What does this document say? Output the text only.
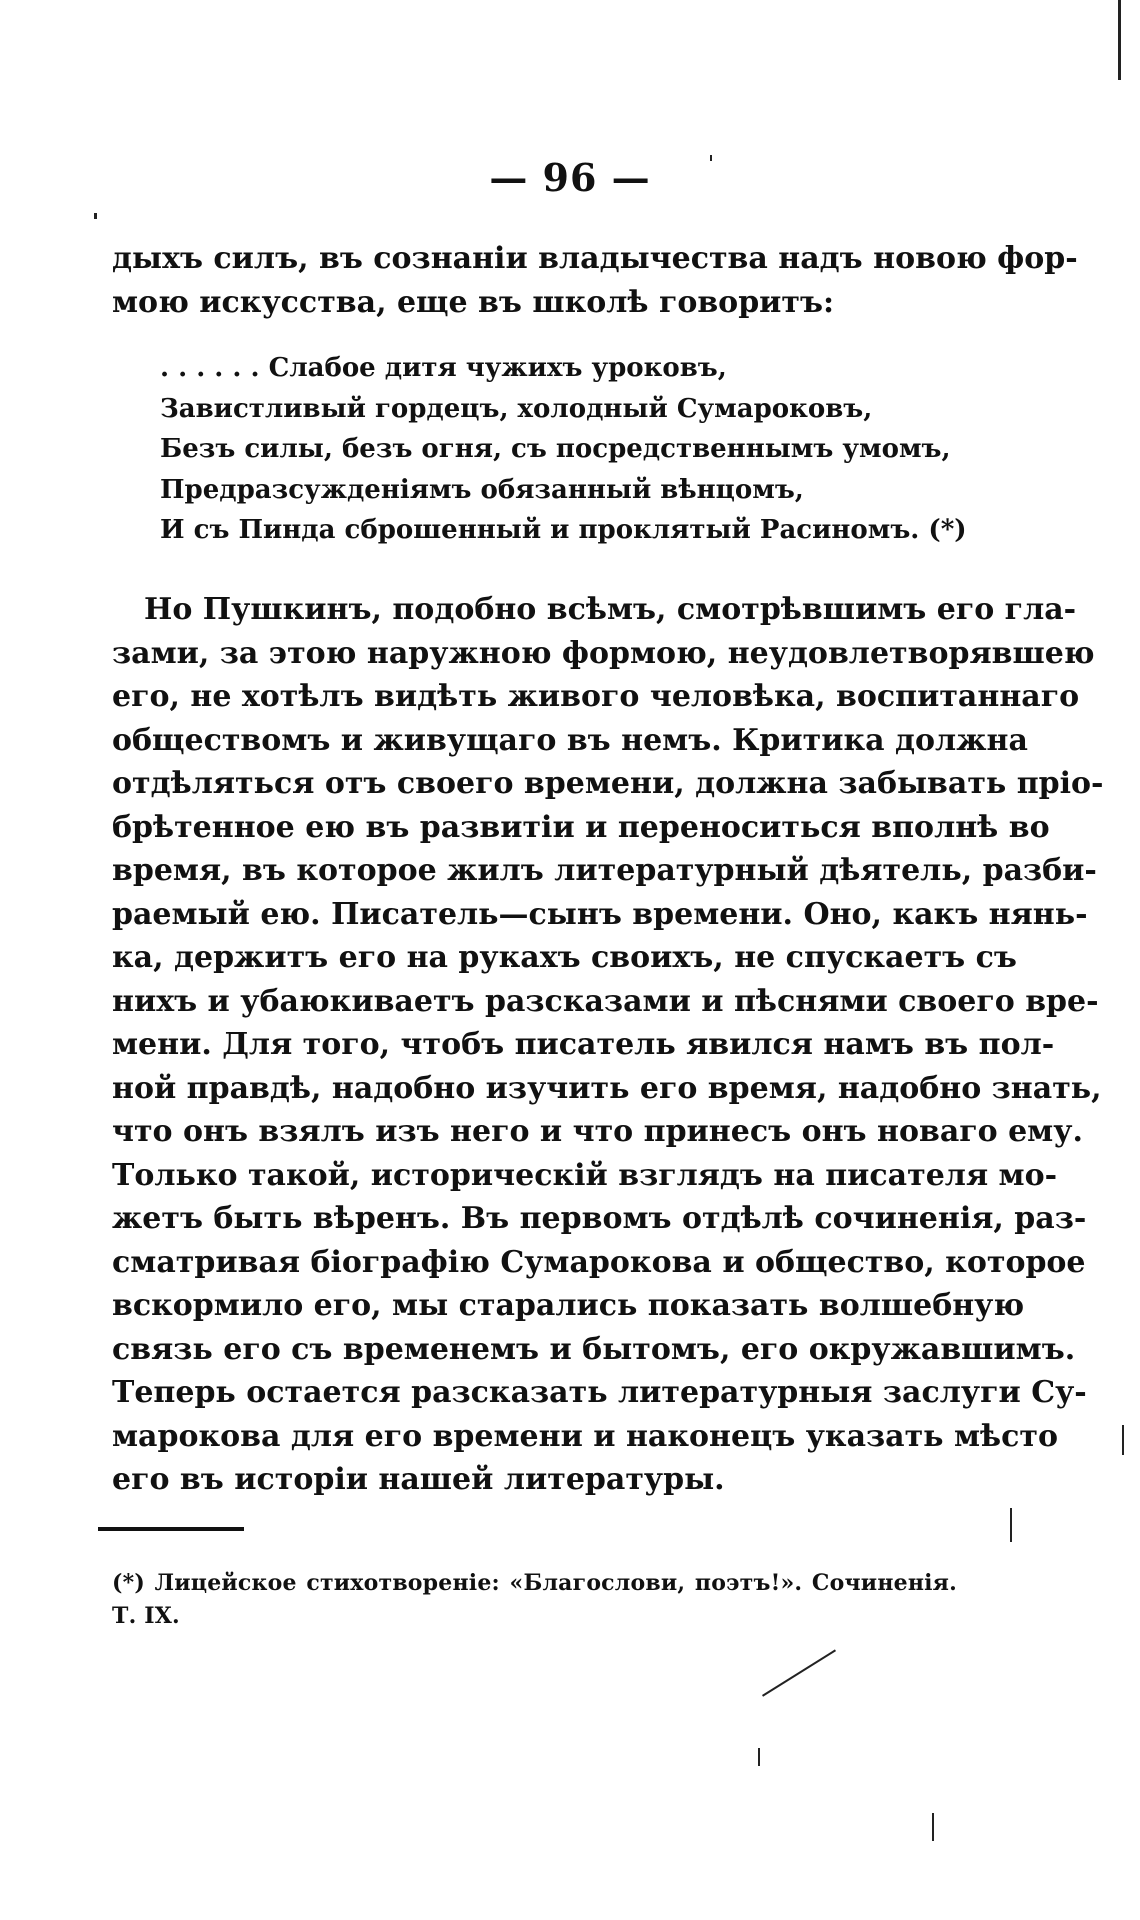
— 96 —
дыхъ силъ, въ сознаніи владычества надъ новою фор-
мою искусства, еще въ школѣ говоритъ:
. . . . . . Слабое дитя чужихъ уроковъ,
Завистливый гордецъ, холодный Сумароковъ,
Безъ силы, безъ огня, съ посредственнымъ умомъ,
Предразсужденіямъ обязанный вѣнцомъ,
И съ Пинда сброшенный и проклятый Расиномъ. (*)
Но Пушкинъ, подобно всѣмъ, смотрѣвшимъ его гла-
зами, за этою наружною формою, неудовлетворявшею
его, не хотѣлъ видѣть живого человѣка, воспитаннаго
обществомъ и живущаго въ немъ. Критика должна
отдѣляться отъ своего времени, должна забывать пріо-
брѣтенное ею въ развитіи и переноситься вполнѣ во
время, въ которое жилъ литературный дѣятель, разби-
раемый ею. Писатель—сынъ времени. Оно, какъ нянь-
ка, держитъ его на рукахъ своихъ, не спускаетъ съ
нихъ и убаюкиваетъ разсказами и пѣснями своего вре-
мени. Для того, чтобъ писатель явился намъ въ пол-
ной правдѣ, надобно изучить его время, надобно знать,
что онъ взялъ изъ него и что принесъ онъ новаго ему.
Только такой, историческій взглядъ на писателя мо-
жетъ быть вѣренъ. Въ первомъ отдѣлѣ сочиненія, раз-
сматривая біографію Сумарокова и общество, которое
вскормило его, мы старались показать волшебную
связь его съ временемъ и бытомъ, его окружавшимъ.
Теперь остается разсказать литературныя заслуги Су-
марокова для его времени и наконецъ указать мѣсто
его въ исторіи нашей литературы.
(*) Лицейское стихотвореніе: «Благослови, поэтъ!». Сочиненія.
Т. IX.
